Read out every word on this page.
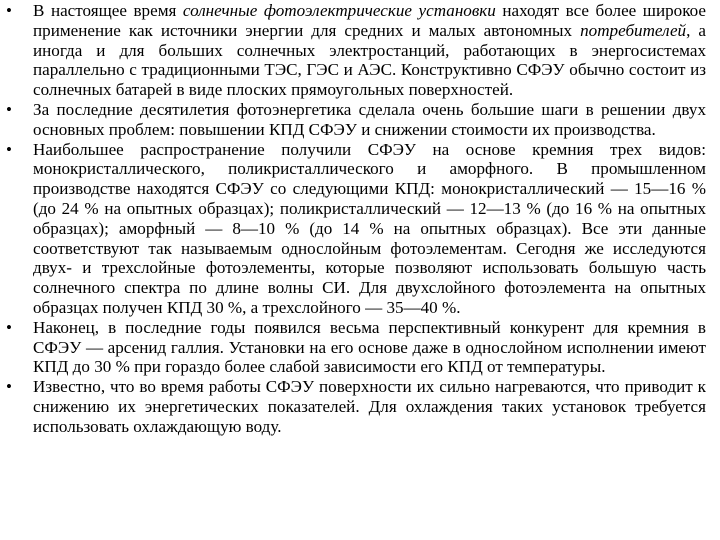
•	В настоящее время солнечные фотоэлектрические установки находят все более широкое применение как источники энергии для средних и малых автономных потребителей, а иногда и для больших солнечных электростанций, работающих в энергосистемах параллельно с традиционными ТЭС, ГЭС и АЭС. Конструктивно СФЭУ обычно состоит из солнечных батарей в виде плоских прямоугольных поверхностей.
•	За последние десятилетия фотоэнергетика сделала очень большие шаги в решении двух основных проблем: повышении КПД СФЭУ и снижении стоимости их производства.
•	Наибольшее распространение получили СФЭУ на основе кремния трех видов: монокристаллического, поликристаллического и аморфного. В промышленном производстве находятся СФЭУ со следующими КПД: монокристаллический — 15—16 % (до 24 % на опытных образцах); поликристаллический — 12—13 % (до 16 % на опытных образцах); аморфный — 8—10 % (до 14 % на опытных образцах). Все эти данные соответствуют так называемым однослойным фотоэлементам. Сегодня же исследуются двух- и трехслойные фотоэлементы, которые позволяют использовать большую часть солнечного спектра по длине волны СИ. Для двухслойного фотоэлемента на опытных образцах получен КПД 30 %, а трехслойного — 35—40 %.
•	Наконец, в последние годы появился весьма перспективный конкурент для кремния в СФЭУ — арсенид галлия. Установки на его основе даже в однослойном исполнении имеют КПД до 30 % при гораздо более слабой зависимости его КПД от температуры.
•	Известно, что во время работы СФЭУ поверхности их сильно нагреваются, что приводит к снижению их энергетических показателей. Для охлаждения таких установок требуется использовать охлаждающую воду.
